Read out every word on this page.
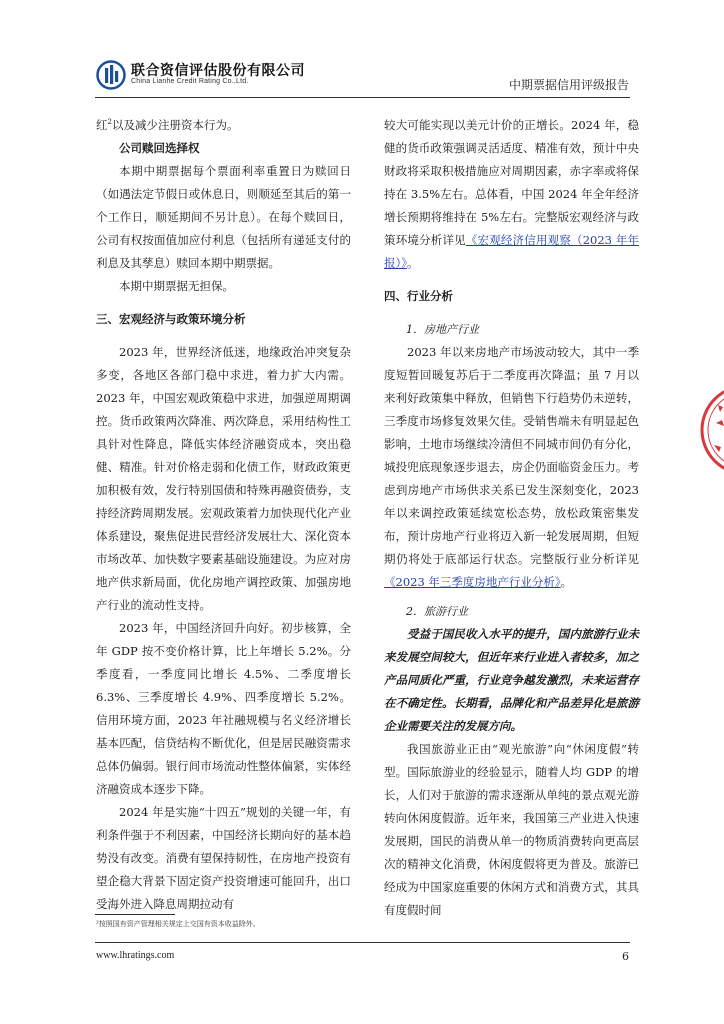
联合资信评估股份有限公司
China Lianhe Credit Rating Co.,Ltd.	中期票据信用评级报告

红$^2$以及减少注册资本行为。

公司赎回选择权

本期中期票据每个票面利率重置日为赎回日（如遇法定节假日或休息日，则顺延至其后的第一个工作日，顺延期间不另计息）。在每个赎回日，公司有权按面值加应付利息（包括所有递延支付的利息及其孳息）赎回本期中期票据。

本期中期票据无担保。

三、宏观经济与政策环境分析

2023 年，世界经济低迷，地缘政治冲突复杂多变，各地区各部门稳中求进，着力扩大内需。2023 年，中国宏观政策稳中求进，加强逆周期调控。货币政策两次降准、两次降息，采用结构性工具针对性降息，降低实体经济融资成本，突出稳健、精准。针对价格走弱和化债工作，财政政策更加积极有效，发行特别国债和特殊再融资债券，支持经济跨周期发展。宏观政策着力加快现代化产业体系建设，聚焦促进民营经济发展壮大、深化资本市场改革、加快数字要素基础设施建设。为应对房地产供求新局面，优化房地产调控政策、加强房地产行业的流动性支持。

2023 年，中国经济回升向好。初步核算，全年 GDP 按不变价格计算，比上年增长 5.2%。分季度看，一季度同比增长 4.5%、二季度增长 6.3%、三季度增长 4.9%、四季度增长 5.2%。信用环境方面，2023 年社融规模与名义经济增长基本匹配，信贷结构不断优化，但是居民融资需求总体仍偏弱。银行间市场流动性整体偏紧，实体经济融资成本逐步下降。

2024 年是实施“十四五”规划的关键一年，有利条件强于不利因素，中国经济长期向好的基本趋势没有改变。消费有望保持韧性，在房地产投资有望企稳大背景下固定资产投资增速可能回升，出口受海外进入降息周期拉动有

较大可能实现以美元计价的正增长。2024 年，稳健的货币政策强调灵活适度、精准有效，预计中央财政将采取积极措施应对周期因素，赤字率或将保持在 3.5%左右。总体看，中国 2024 年全年经济增长预期将维持在 5%左右。完整版宏观经济与政策环境分析详见《宏观经济信用观察（2023 年年报）》。

四、行业分析

1．房地产行业

2023 年以来房地产市场波动较大，其中一季度短暂回暖复苏后于二季度再次降温；虽 7 月以来利好政策集中释放，但销售下行趋势仍未逆转，三季度市场修复效果欠佳。受销售端未有明显起色影响，土地市场继续冷清但不同城市间仍有分化，城投兜底现象逐步退去，房企仍面临资金压力。考虑到房地产市场供求关系已发生深刻变化，2023 年以来调控政策延续宽松态势，放松政策密集发布，预计房地产行业将迈入新一轮发展周期，但短期仍将处于底部运行状态。完整版行业分析详见《2023 年三季度房地产行业分析》。

2．旅游行业

受益于国民收入水平的提升，国内旅游行业未来发展空间较大，但近年来行业进入者较多，加之产品同质化严重，行业竞争越发激烈，未来运营存在不确定性。长期看，品牌化和产品差异化是旅游企业需要关注的发展方向。

我国旅游业正由“观光旅游”向“休闲度假”转型。国际旅游业的经验显示，随着人均 GDP 的增长，人们对于旅游的需求逐渐从单纯的景点观光游转向休闲度假游。近年来，我国第三产业进入快速发展期，国民的消费从单一的物质消费转向更高层次的精神文化消费，休闲度假将更为普及。旅游已经成为中国家庭重要的休闲方式和消费方式，其具有度假时间

²按照国有资产管理相关规定上交国有资本收益除外。
www.lhratings.com	6
